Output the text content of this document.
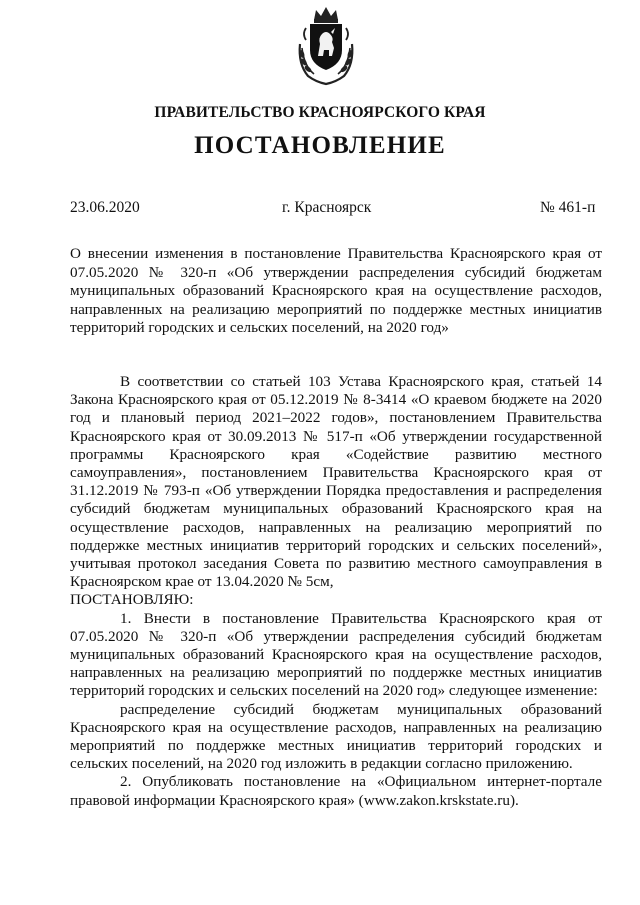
ПРАВИТЕЛЬСТВО КРАСНОЯРСКОГО КРАЯ
ПОСТАНОВЛЕНИЕ
23.06.2020	г. Красноярск	№ 461-п
О внесении изменения в постановление Правительства Красноярского края от 07.05.2020 № 320-п «Об утверждении распределения субсидий бюджетам муниципальных образований Красноярского края на осуществление расходов, направленных на реализацию мероприятий по поддержке местных инициатив территорий городских и сельских поселений, на 2020 год»

В соответствии со статьей 103 Устава Красноярского края, статьей 14 Закона Красноярского края от 05.12.2019 № 8-3414 «О краевом бюджете на 2020 год и плановый период 2021–2022 годов», постановлением Правительства Красноярского края от 30.09.2013 № 517-п «Об утверждении государственной программы Красноярского края «Содействие развитию местного самоуправления», постановлением Правительства Красноярского края от 31.12.2019 № 793-п «Об утверждении Порядка предоставления и распределения субсидий бюджетам муниципальных образований Красноярского края на осуществление расходов, направленных на реализацию мероприятий по поддержке местных инициатив территорий городских и сельских поселений», учитывая протокол заседания Совета по развитию местного самоуправления в Красноярском крае от 13.04.2020 № 5см,

ПОСТАНОВЛЯЮ:

1. Внести в постановление Правительства Красноярского края от 07.05.2020 № 320-п «Об утверждении распределения субсидий бюджетам муниципальных образований Красноярского края на осуществление расходов, направленных на реализацию мероприятий по поддержке местных инициатив территорий городских и сельских поселений на 2020 год» следующее изменение:

распределение субсидий бюджетам муниципальных образований Красноярского края на осуществление расходов, направленных на реализацию мероприятий по поддержке местных инициатив территорий городских и сельских поселений, на 2020 год изложить в редакции согласно приложению.

2. Опубликовать постановление на «Официальном интернет-портале правовой информации Красноярского края» (www.zakon.krskstate.ru).
